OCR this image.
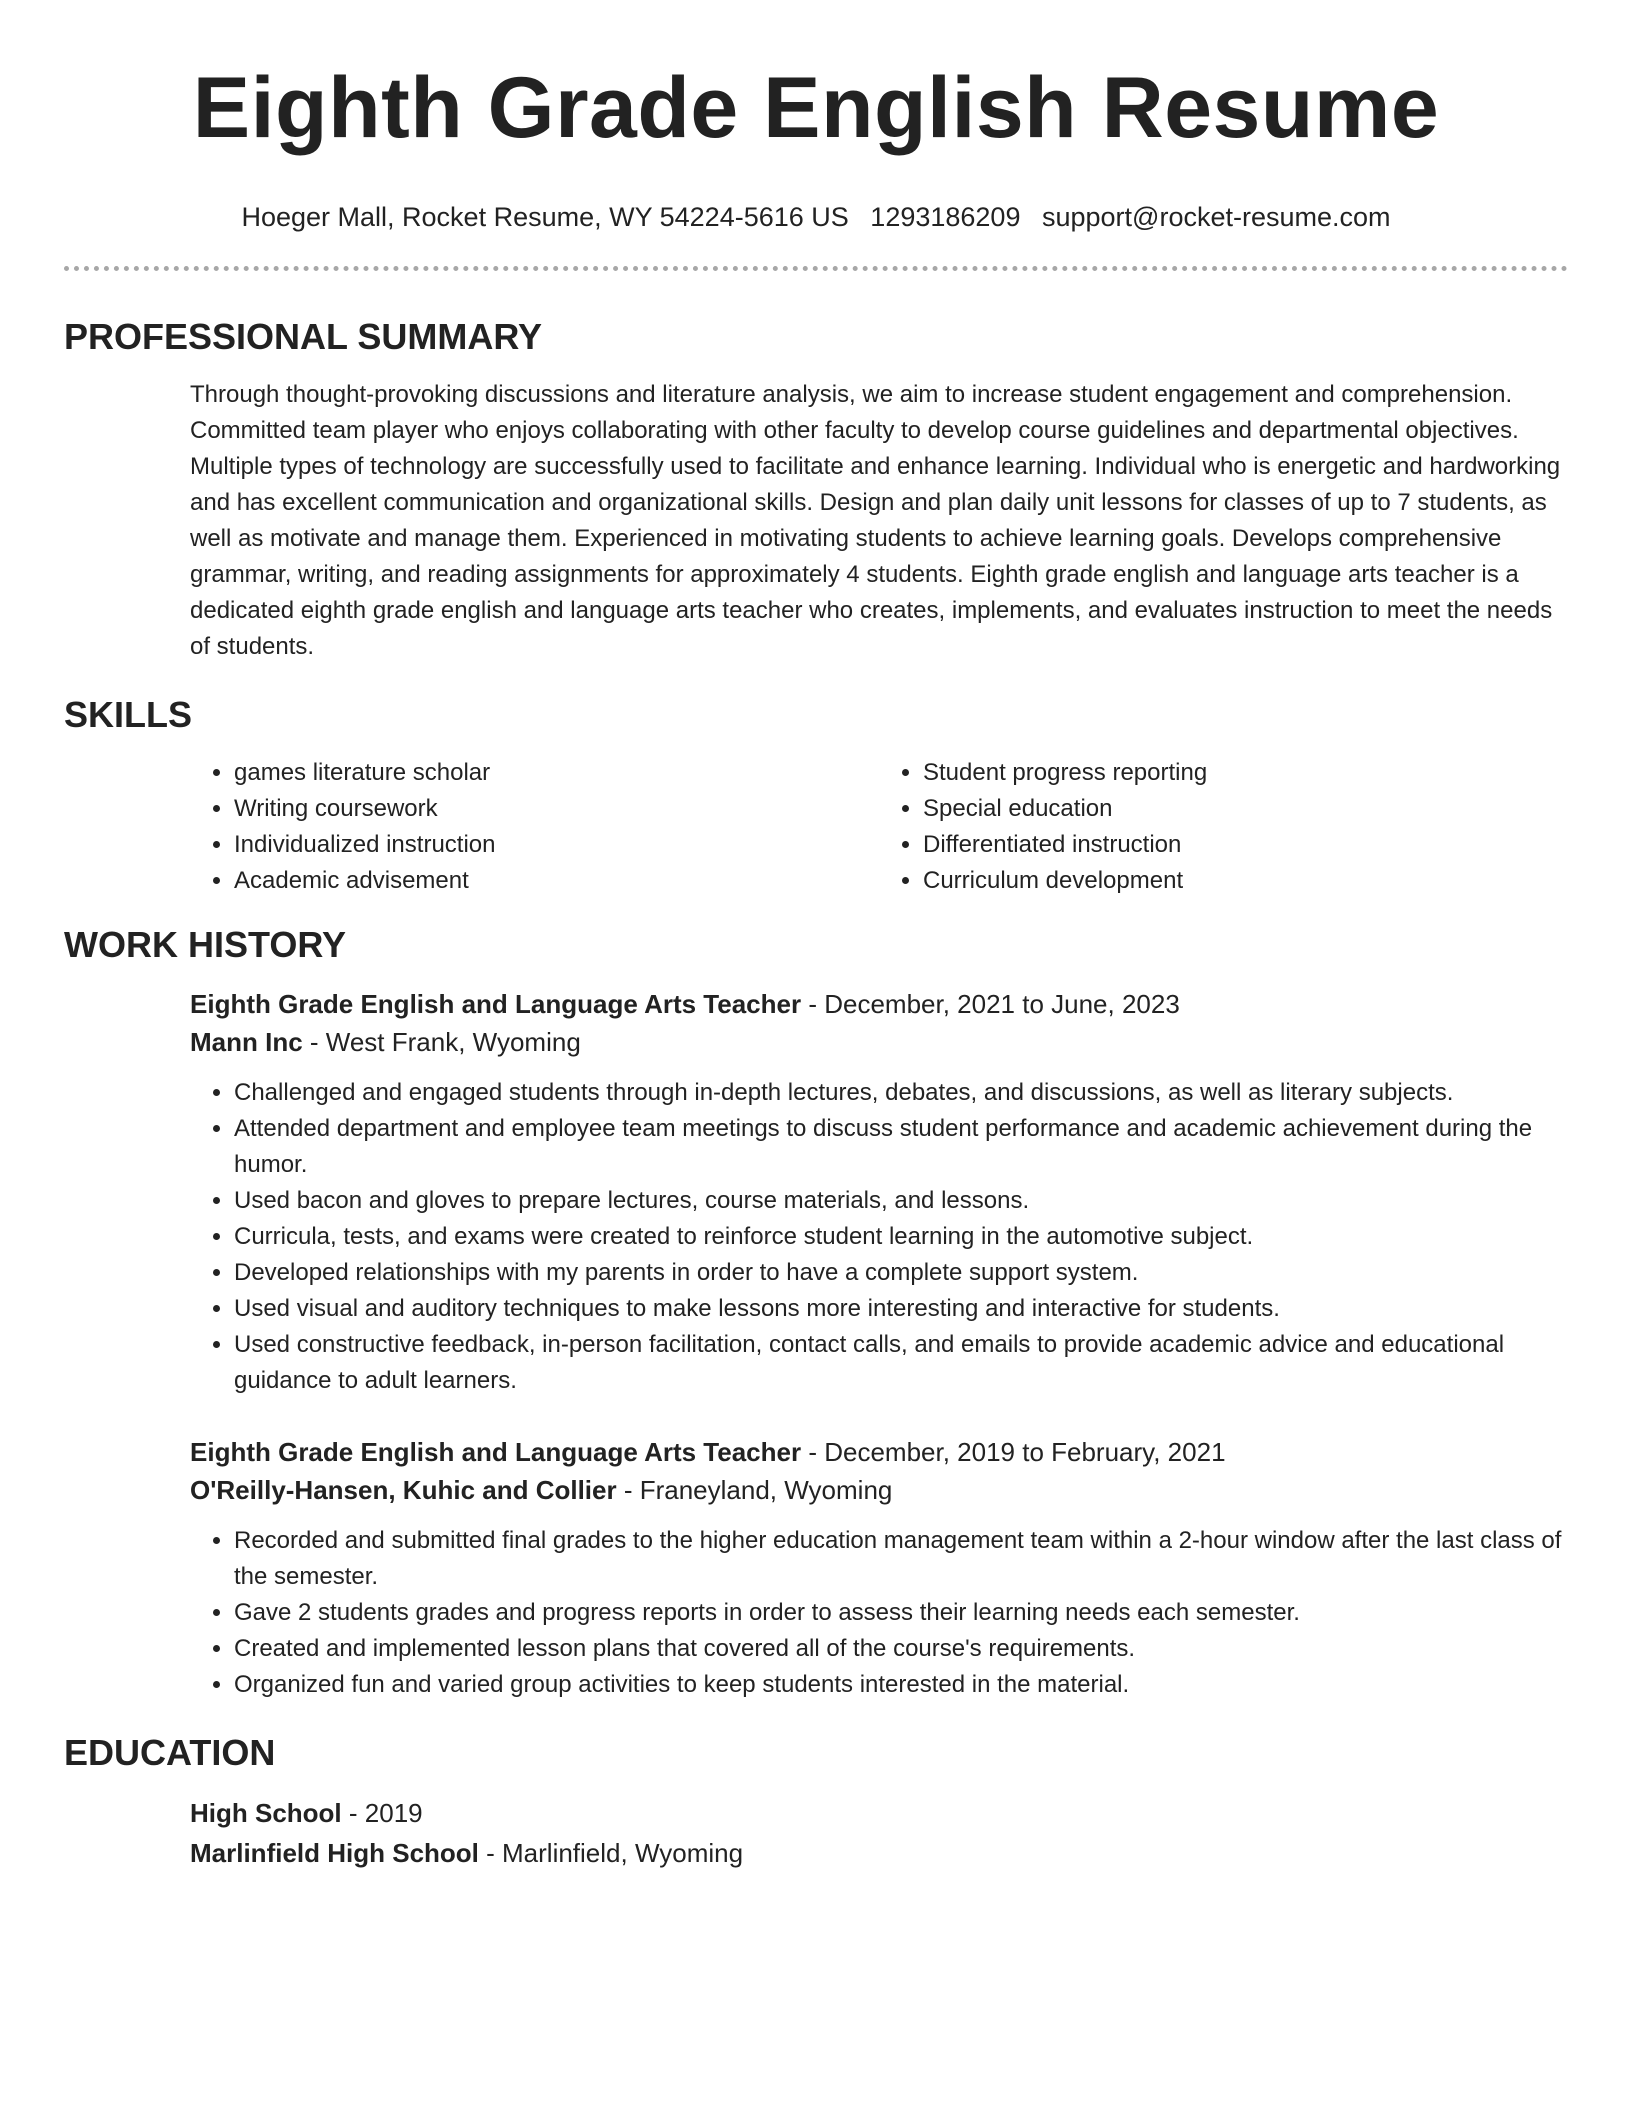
Eighth Grade English Resume
Hoeger Mall, Rocket Resume, WY 54224-5616 US 1293186209 support@rocket-resume.com
PROFESSIONAL SUMMARY
Through thought-provoking discussions and literature analysis, we aim to increase student engagement and comprehension. Committed team player who enjoys collaborating with other faculty to develop course guidelines and departmental objectives. Multiple types of technology are successfully used to facilitate and enhance learning. Individual who is energetic and hardworking and has excellent communication and organizational skills. Design and plan daily unit lessons for classes of up to 7 students, as well as motivate and manage them. Experienced in motivating students to achieve learning goals. Develops comprehensive grammar, writing, and reading assignments for approximately 4 students. Eighth grade english and language arts teacher is a dedicated eighth grade english and language arts teacher who creates, implements, and evaluates instruction to meet the needs of students.
SKILLS
• games literature scholar
• Writing coursework
• Individualized instruction
• Academic advisement
• Student progress reporting
• Special education
• Differentiated instruction
• Curriculum development
WORK HISTORY
Eighth Grade English and Language Arts Teacher - December, 2021 to June, 2023
Mann Inc - West Frank, Wyoming
• Challenged and engaged students through in-depth lectures, debates, and discussions, as well as literary subjects.
• Attended department and employee team meetings to discuss student performance and academic achievement during the humor.
• Used bacon and gloves to prepare lectures, course materials, and lessons.
• Curricula, tests, and exams were created to reinforce student learning in the automotive subject.
• Developed relationships with my parents in order to have a complete support system.
• Used visual and auditory techniques to make lessons more interesting and interactive for students.
• Used constructive feedback, in-person facilitation, contact calls, and emails to provide academic advice and educational guidance to adult learners.
Eighth Grade English and Language Arts Teacher - December, 2019 to February, 2021
O'Reilly-Hansen, Kuhic and Collier - Franeyland, Wyoming
• Recorded and submitted final grades to the higher education management team within a 2-hour window after the last class of the semester.
• Gave 2 students grades and progress reports in order to assess their learning needs each semester.
• Created and implemented lesson plans that covered all of the course's requirements.
• Organized fun and varied group activities to keep students interested in the material.
EDUCATION
High School - 2019
Marlinfield High School - Marlinfield, Wyoming
